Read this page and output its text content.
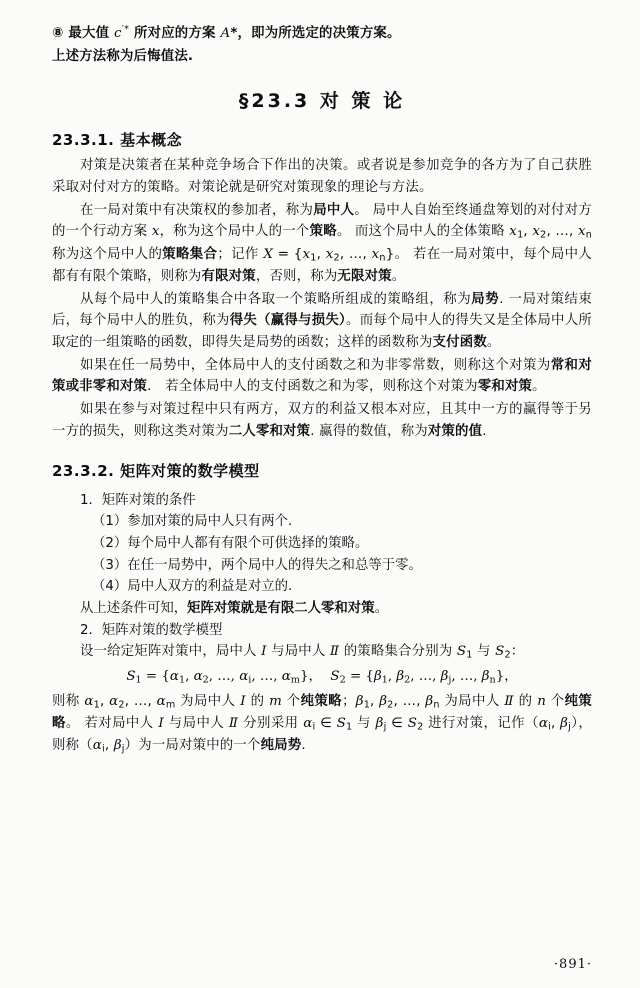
⑧ 最大值 c′* 所对应的方案 A*，即为所选定的决策方案。
上述方法称为后悔值法.
§23.3 对 策 论
23.3.1. 基本概念
对策是决策者在某种竞争场合下作出的决策。或者说是参加竞争的各方为了自己获胜采取对付对方的策略。对策论就是研究对策现象的理论与方法。
在一局对策中有决策权的参加者，称为局中人。 局中人自始至终通盘筹划的对付对方的一个行动方案 x，称为这个局中人的一个策略。 而这个局中人的全体策略 $x_1$, $x_2$, …, $x_n$ 称为这个局中人的策略集合；记作 $X = \{x_1$, $x_2$, …, $x_n$}。 若在一局对策中，每个局中人都有有限个策略，则称为有限对策，否则，称为无限对策。
从每个局中人的策略集合中各取一个策略所组成的策略组，称为局势. 一局对策结束后，每个局中人的胜负，称为得失（赢得与损失）。而每个局中人的得失又是全体局中人所取定的一组策略的函数，即得失是局势的函数；这样的函数称为支付函数。
如果在任一局势中，全体局中人的支付函数之和为非零常数，则称这个对策为常和对策或非零和对策． 若全体局中人的支付函数之和为零，则称这个对策为零和对策。
如果在参与对策过程中只有两方，双方的利益又根本对应，且其中一方的赢得等于另一方的损失，则称这类对策为二人零和对策. 赢得的数值，称为对策的值.
23.3.2. 矩阵对策的数学模型
1．矩阵对策的条件
（1）参加对策的局中人只有两个.
（2）每个局中人都有有限个可供选择的策略。
（3）在任一局势中，两个局中人的得失之和总等于零。
（4）局中人双方的利益是对立的.
从上述条件可知，矩阵对策就是有限二人零和对策。
2．矩阵对策的数学模型
设一给定矩阵对策中，局中人 Ⅰ 与局中人 Ⅱ 的策略集合分别为 $S_1$ 与 $S_2$：
$S_1 = \{\alpha_1$, $\alpha_2$, …, $\alpha_i$, …, $\alpha_m$}，  $S_2 = \{\beta_1$, $\beta_2$, …, $\beta_j$, …, $\beta_n$}，
则称 $\alpha_1$, $\alpha_2$, …, $\alpha_m$ 为局中人 Ⅰ 的 m 个纯策略；$\beta_1$, $\beta_2$, …, $\beta_n$ 为局中人 Ⅱ 的 n 个纯策略。 若对局中人 Ⅰ 与局中人 Ⅱ 分别采用 $\alpha_i$ ∈ $S_1$ 与 $\beta_j$ ∈ $S_2$ 进行对策，记作（$\alpha_i$, $\beta_j$），则称（$\alpha_i$, $\beta_j$）为一局对策中的一个纯局势.
·891·
